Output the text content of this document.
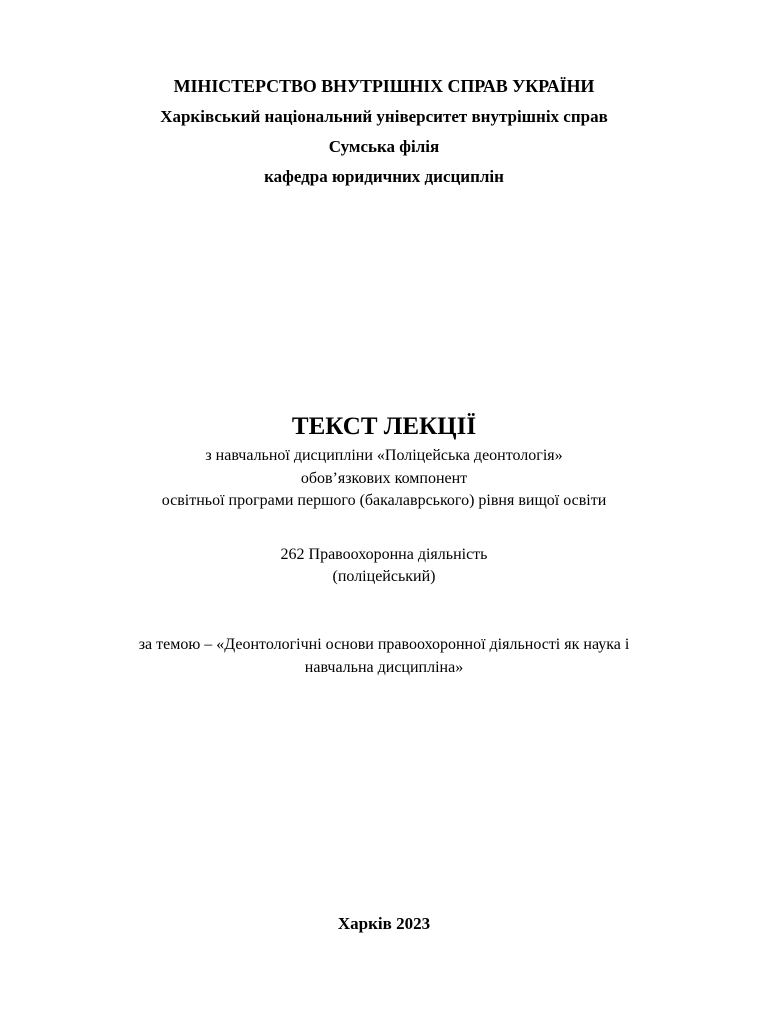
МІНІСТЕРСТВО ВНУТРІШНІХ СПРАВ УКРАЇНИ
Харківський національний університет внутрішніх справ
Сумська філія
кафедра юридичних дисциплін
ТЕКСТ ЛЕКЦІЇ
з навчальної дисципліни «Поліцейська деонтологія»
обов’язкових компонент
освітньої програми першого (бакалаврського) рівня вищої освіти
262 Правоохоронна діяльність
(поліцейський)
за темою – «Деонтологічні основи правоохоронної діяльності як наука і
навчальна дисципліна»
Харків 2023
